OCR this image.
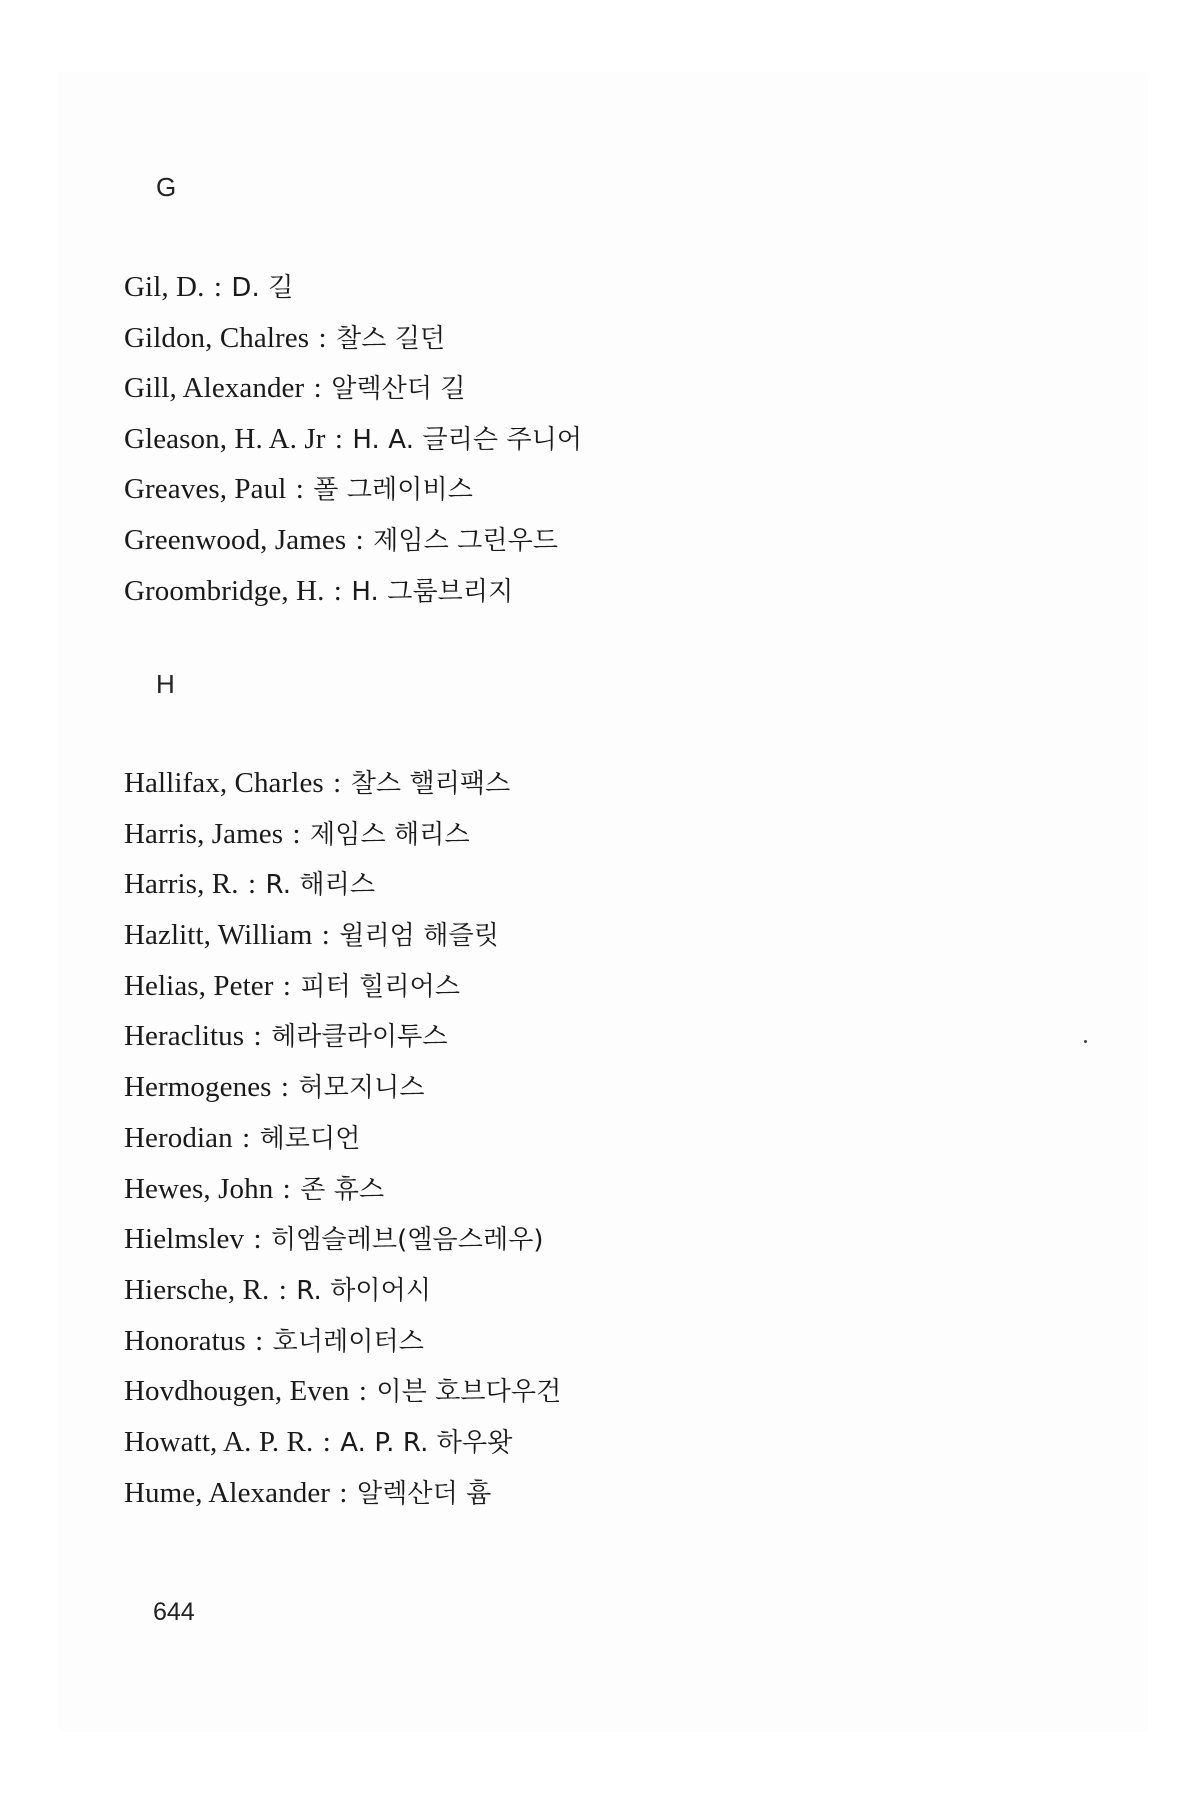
G
Gil, D. : D. 길
Gildon, Chalres : 찰스 길던
Gill, Alexander : 알렉산더 길
Gleason, H. A. Jr : H. A. 글리슨 주니어
Greaves, Paul : 폴 그레이비스
Greenwood, James : 제임스 그린우드
Groombridge, H. : H. 그룸브리지
H
Hallifax, Charles : 찰스 핼리팩스
Harris, James : 제임스 해리스
Harris, R. : R. 해리스
Hazlitt, William : 윌리엄 해즐릿
Helias, Peter : 피터 힐리어스
Heraclitus : 헤라클라이투스
Hermogenes : 허모지니스
Herodian : 헤로디언
Hewes, John : 존 휴스
Hielmslev : 히엠슬레브(엘음스레우)
Hiersche, R. : R. 하이어시
Honoratus : 호너레이터스
Hovdhougen, Even : 이븐 호브다우건
Howatt, A. P. R. : A. P. R. 하우왓
Hume, Alexander : 알렉산더 흄
644
